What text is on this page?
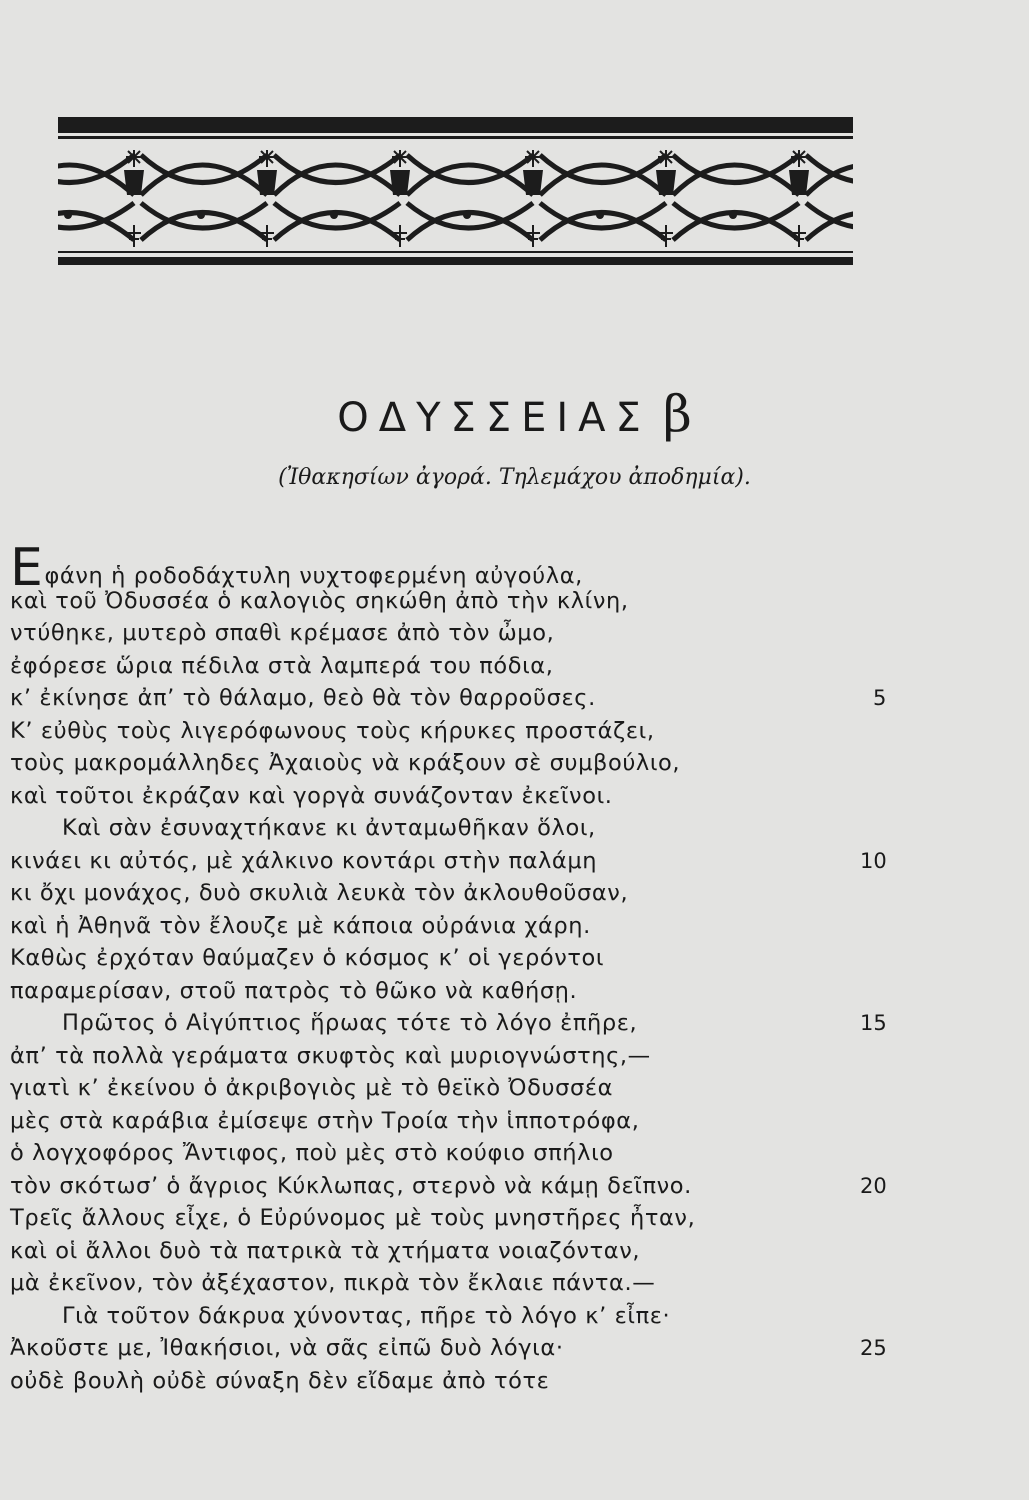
ΟΔΥΣΣΕΙΑΣ β
(Ἰθακησίων ἀγορά. Τηλεμάχου ἀποδημία).
Εφάνη ἡ ροδοδάχτυλη νυχτοφερμένη αὐγούλα,
καὶ τοῦ Ὀδυσσέα ὁ καλογιὸς σηκώθη ἀπὸ τὴν κλίνη,
ντύθηκε, μυτερὸ σπαθὶ κρέμασε ἀπὸ τὸν ὦμο,
ἐφόρεσε ὥρια πέδιλα στὰ λαμπερά του πόδια,
κ’ ἐκίνησε ἀπ’ τὸ θάλαμο, θεὸ θὰ τὸν θαρροῦσες.	5
Κ’ εὐθὺς τοὺς λιγερόφωνους τοὺς κήρυκες προστάζει,
τοὺς μακρομάλληδες Ἀχαιοὺς νὰ κράξουν σὲ συμβούλιο,
καὶ τοῦτοι ἐκράζαν καὶ γοργὰ συνάζονταν ἐκεῖνοι.
Καὶ σὰν ἐσυναχτήκανε κι ἀνταμωθῆκαν ὅλοι,
κινάει κι αὐτός, μὲ χάλκινο κοντάρι στὴν παλάμη	10
κι ὄχι μονάχος, δυὸ σκυλιὰ λευκὰ τὸν ἀκλουθοῦσαν,
καὶ ἡ Ἀθηνᾶ τὸν ἔλουζε μὲ κάποια οὐράνια χάρη.
Καθὼς ἐρχόταν θαύμαζεν ὁ κόσμος κ’ οἱ γερόντοι
παραμερίσαν, στοῦ πατρὸς τὸ θῶκο νὰ καθήσῃ.
Πρῶτος ὁ Αἰγύπτιος ἥρωας τότε τὸ λόγο ἐπῆρε,	15
ἀπ’ τὰ πολλὰ γεράματα σκυφτὸς καὶ μυριογνώστης,—
γιατὶ κ’ ἐκείνου ὁ ἀκριβογιὸς μὲ τὸ θεϊκὸ Ὀδυσσέα
μὲς στὰ καράβια ἐμίσεψε στὴν Τροία τὴν ἱπποτρόφα,
ὁ λογχοφόρος Ἄντιφος, ποὺ μὲς στὸ κούφιο σπήλιο
τὸν σκότωσ’ ὁ ἄγριος Κύκλωπας, στερνὸ νὰ κάμῃ δεῖπνο.	20
Τρεῖς ἄλλους εἶχε, ὁ Εὐρύνομος μὲ τοὺς μνηστῆρες ἦταν,
καὶ οἱ ἄλλοι δυὸ τὰ πατρικὰ τὰ χτήματα νοιαζόνταν,
μὰ ἐκεῖνον, τὸν ἀξέχαστον, πικρὰ τὸν ἔκλαιε πάντα.—
Γιὰ τοῦτον δάκρυα χύνοντας, πῆρε τὸ λόγο κ’ εἶπε·
Ἀκοῦστε με, Ἰθακήσιοι, νὰ σᾶς εἰπῶ δυὸ λόγια·	25
οὐδὲ βουλὴ οὐδὲ σύναξη δὲν εἴδαμε ἀπὸ τότε
